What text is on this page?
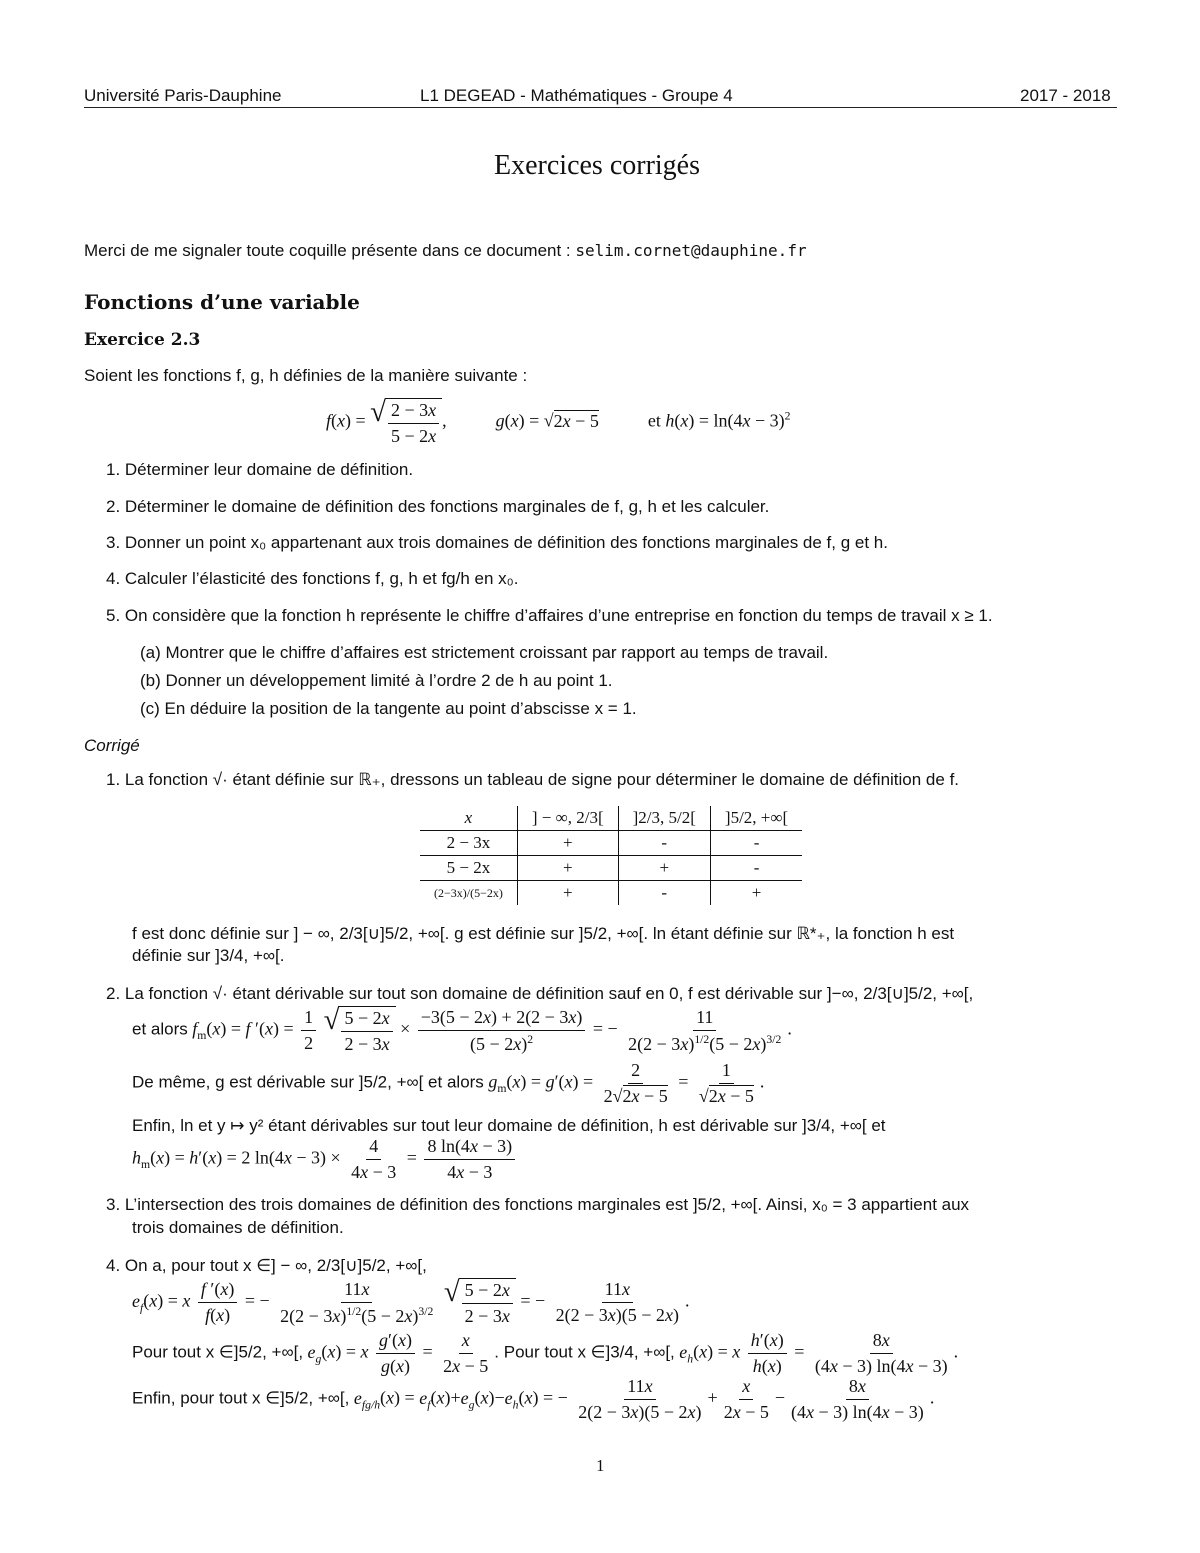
Université Paris-Dauphine	L1 DEGEAD - Mathématiques - Groupe 4	2017 - 2018
Exercices corrigés
Merci de me signaler toute coquille présente dans ce document : selim.cornet@dauphine.fr
Fonctions d’une variable
Exercice 2.3
Soient les fonctions f, g, h définies de la manière suivante :
f(x) = √ $\frac{2 - 3x}{5 - 2x}$ ,  g(x) = √2x − 5  et $h(x) = \ln(4x - 3)^2$
1. Déterminer leur domaine de définition.
2. Déterminer le domaine de définition des fonctions marginales de f, g, h et les calculer.
3. Donner un point x₀ appartenant aux trois domaines de définition des fonctions marginales de f, g et h.
4. Calculer l’élasticité des fonctions f, g, h et fg/h en x₀.
5. On considère que la fonction h représente le chiffre d’affaires d’une entreprise en fonction du temps de travail x ≥ 1.
(a) Montrer que le chiffre d’affaires est strictement croissant par rapport au temps de travail.
(b) Donner un développement limité à l’ordre 2 de h au point 1.
(c) En déduire la position de la tangente au point d’abscisse x = 1.
Corrigé
1. La fonction √· étant définie sur ℝ₊, dressons un tableau de signe pour déterminer le domaine de définition de f.
x	] − ∞, 2/3[	]2/3, 5/2[	]5/2, +∞[
2 − 3x	+	-	-
5 − 2x	+	+	-
(2−3x)/(5−2x)	+	-	+
f est donc définie sur ] − ∞, 2/3[∪]5/2, +∞[. g est définie sur ]5/2, +∞[. ln étant définie sur ℝ*₊, la fonction h est
définie sur ]3/4, +∞[.
2. La fonction √· étant dérivable sur tout son domaine de définition sauf en 0, f est dérivable sur ]−∞, 2/3[∪]5/2, +∞[,
et alors $f_m(x) = f$ $'(x) = \frac{1}{2}$
√ $\frac{5 - 2x}{2 - 3x} \times \frac{-3(5 - 2x) + 2(2 - 3x)}{(5 - 2x)^2}$ = − $\frac{11}{2(2 - 3x)^{1/2}(5 - 2x)^{3/2}}$ .
De même, g est dérivable sur ]5/2, +∞[ et alors $g_m(x) = g'(x) = \frac{2}{2√2x - 5} = \frac{1}{√2x - 5}$ .
Enfin, ln et y ↦ y² étant dérivables sur tout leur domaine de définition, h est dérivable sur ]3/4, +∞[ et
$h_m(x) = h'(x) = 2$ $\ln(4x - 3) \times \frac{4}{4x - 3} = \frac{8 \ln(4x - 3)}{4x - 3}$
3. L’intersection des trois domaines de définition des fonctions marginales est ]5/2, +∞[. Ainsi, x₀ = 3 appartient aux
trois domaines de définition.
4. On a, pour tout x ∈] − ∞, 2/3[∪]5/2, +∞[,
$e_f(x) = x \frac{f '(x)}{f(x)}$ = − $\frac{11x}{2(2 - 3x)^{1/2}(5 - 2x)^{3/2}}$
√ $\frac{5 - 2x}{2 - 3x}$ = − $\frac{11x}{2(2 - 3x)(5 - 2x)}$ .
Pour tout x ∈]5/2, +∞[, $e_g(x) = x \frac{g'(x)}{g(x)} = \frac{x}{2x - 5}$ . Pour tout x ∈]3/4, +∞[, $e_h(x) = x \frac{h'(x)}{h(x)} = \frac{8x}{(4x - 3) \ln(4x - 3)}$ .
Enfin, pour tout x ∈]5/2, +∞[, $e_{fg/h}(x) = e_f(x)+e_g(x)-e_h(x)$ = − $\frac{11x}{2(2 - 3x)(5 - 2x)} + \frac{x}{2x - 5} - \frac{8x}{(4x - 3) \ln(4x - 3)}$ .
1
